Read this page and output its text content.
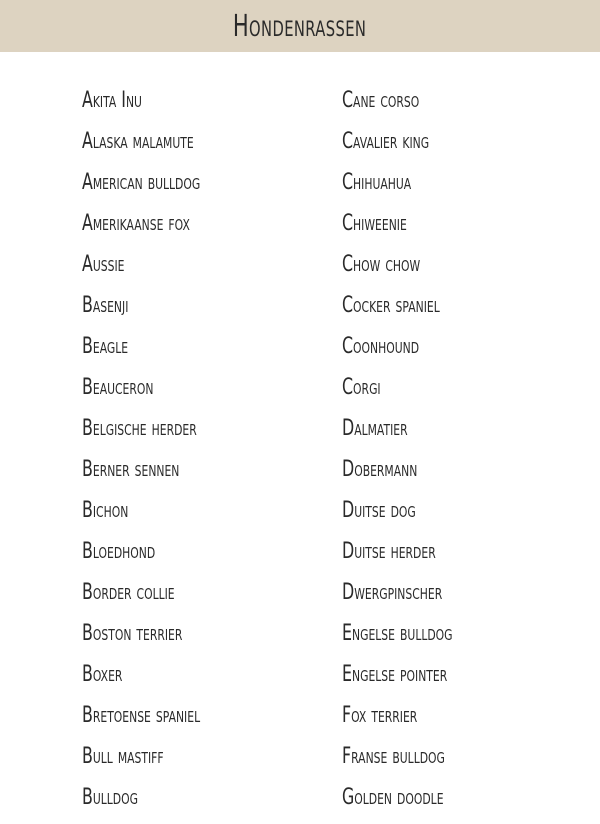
Hondenrassen
Akita Inu
Alaska malamute
American bulldog
Amerikaanse fox
Aussie
Basenji
Beagle
Beauceron
Belgische herder
Berner sennen
Bichon
Bloedhond
Border collie
Boston terrier
Boxer
Bretoense spaniel
Bull mastiff
Bulldog
Cane corso
Cavalier king
Chihuahua
Chiweenie
Chow chow
Cocker spaniel
Coonhound
Corgi
Dalmatier
Dobermann
Duitse dog
Duitse herder
Dwergpinscher
Engelse bulldog
Engelse pointer
Fox terrier
Franse bulldog
Golden doodle
